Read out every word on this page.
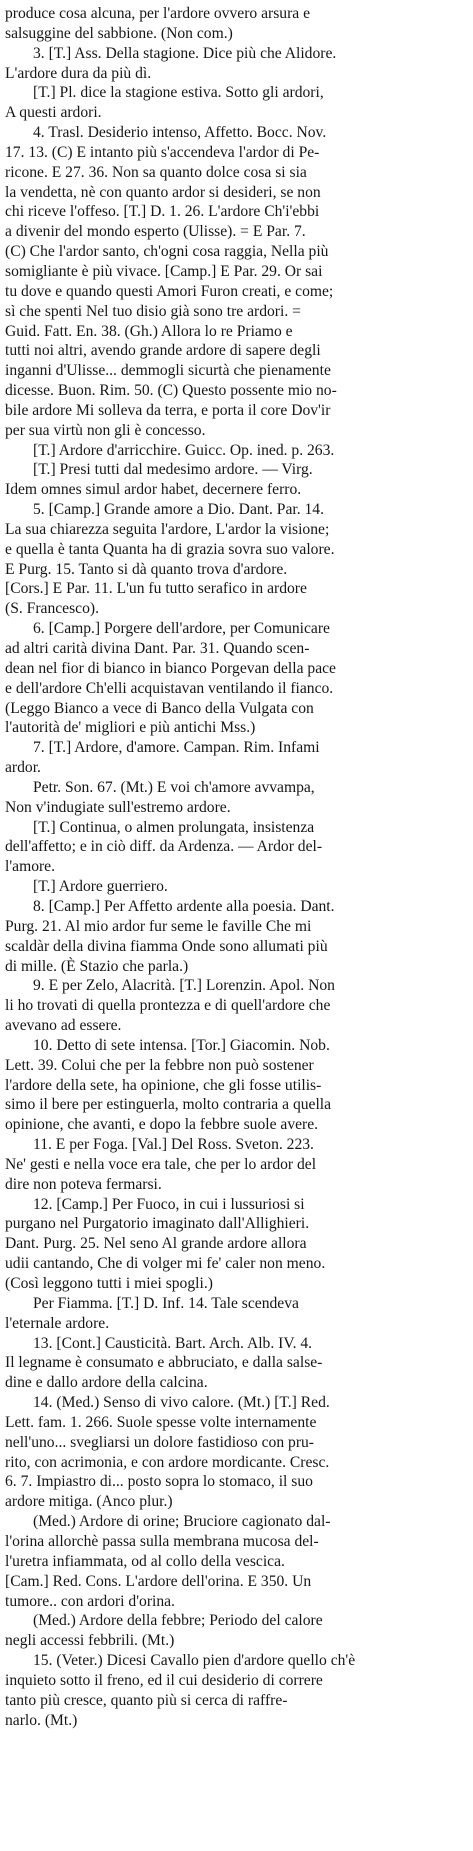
produce cosa alcuna, per l'ardore ovvero arsura e
salsuggine del sabbione. (Non com.)
3. [T.] Ass. Della stagione. Dice più che Alidore.
L'ardore dura da più dì.
[T.] Pl. dice la stagione estiva. Sotto gli ardori,
A questi ardori.
4. Trasl. Desiderio intenso, Affetto. Bocc. Nov.
17. 13. (C) E intanto più s'accendeva l'ardor di Pe-
ricone. E 27. 36. Non sa quanto dolce cosa si sia
la vendetta, nè con quanto ardor si desideri, se non
chi riceve l'offeso. [T.] D. 1. 26. L'ardore Ch'i'ebbi
a divenir del mondo esperto (Ulisse). = E Par. 7.
(C) Che l'ardor santo, ch'ogni cosa raggia, Nella più
somigliante è più vivace. [Camp.] E Par. 29. Or sai
tu dove e quando questi Amori Furon creati, e come;
sì che spenti Nel tuo disio già sono tre ardori. =
Guid. Fatt. En. 38. (Gh.) Allora lo re Priamo e
tutti noi altri, avendo grande ardore di sapere degli
inganni d'Ulisse... demmogli sicurtà che pienamente
dicesse. Buon. Rim. 50. (C) Questo possente mio no-
bile ardore Mi solleva da terra, e porta il core Dov'ir
per sua virtù non gli è concesso.
[T.] Ardore d'arricchire. Guicc. Op. ined. p. 263.
[T.] Presi tutti dal medesimo ardore. — Virg.
Idem omnes simul ardor habet, decernere ferro.
5. [Camp.] Grande amore a Dio. Dant. Par. 14.
La sua chiarezza seguita l'ardore, L'ardor la visione;
e quella è tanta Quanta ha di grazia sovra suo valore.
E Purg. 15. Tanto si dà quanto trova d'ardore.
[Cors.] E Par. 11. L'un fu tutto serafico in ardore
(S. Francesco).
6. [Camp.] Porgere dell'ardore, per Comunicare
ad altri carità divina Dant. Par. 31. Quando scen-
dean nel fior di bianco in bianco Porgevan della pace
e dell'ardore Ch'elli acquistavan ventilando il fianco.
(Leggo Bianco a vece di Banco della Vulgata con
l'autorità de' migliori e più antichi Mss.)
7. [T.] Ardore, d'amore. Campan. Rim. Infami
ardor.
Petr. Son. 67. (Mt.) E voi ch'amore avvampa,
Non v'indugiate sull'estremo ardore.
[T.] Continua, o almen prolungata, insistenza
dell'affetto; e in ciò diff. da Ardenza. — Ardor del-
l'amore.
[T.] Ardore guerriero.
8. [Camp.] Per Affetto ardente alla poesia. Dant.
Purg. 21. Al mio ardor fur seme le faville Che mi
scaldàr della divina fiamma Onde sono allumati più
di mille. (È Stazio che parla.)
9. E per Zelo, Alacrità. [T.] Lorenzin. Apol. Non
li ho trovati di quella prontezza e di quell'ardore che
avevano ad essere.
10. Detto di sete intensa. [Tor.] Giacomin. Nob.
Lett. 39. Colui che per la febbre non può sostener
l'ardore della sete, ha opinione, che gli fosse utilis-
simo il bere per estinguerla, molto contraria a quella
opinione, che avanti, e dopo la febbre suole avere.
11. E per Foga. [Val.] Del Ross. Sveton. 223.
Ne' gesti e nella voce era tale, che per lo ardor del
dire non poteva fermarsi.
12. [Camp.] Per Fuoco, in cui i lussuriosi si
purgano nel Purgatorio imaginato dall'Allighieri.
Dant. Purg. 25. Nel seno Al grande ardore allora
udii cantando, Che di volger mi fe' caler non meno.
(Così leggono tutti i miei spogli.)
Per Fiamma. [T.] D. Inf. 14. Tale scendeva
l'eternale ardore.
13. [Cont.] Causticità. Bart. Arch. Alb. IV. 4.
Il legname è consumato e abbruciato, e dalla salse-
dine e dallo ardore della calcina.
14. (Med.) Senso di vivo calore. (Mt.) [T.] Red.
Lett. fam. 1. 266. Suole spesse volte internamente
nell'uno... svegliarsi un dolore fastidioso con pru-
rito, con acrimonia, e con ardore mordicante. Cresc.
6. 7. Impiastro di... posto sopra lo stomaco, il suo
ardore mitiga. (Anco plur.)
(Med.) Ardore di orine; Bruciore cagionato dal-
l'orina allorchè passa sulla membrana mucosa del-
l'uretra infiammata, od al collo della vescica.
[Cam.] Red. Cons. L'ardore dell'orina. E 350. Un
tumore.. con ardori d'orina.
(Med.) Ardore della febbre; Periodo del calore
negli accessi febbrili. (Mt.)
15. (Veter.) Dicesi Cavallo pien d'ardore quello ch'è
inquieto sotto il freno, ed il cui desiderio di correre
tanto più cresce, quanto più si cerca di raffre-
narlo. (Mt.)
